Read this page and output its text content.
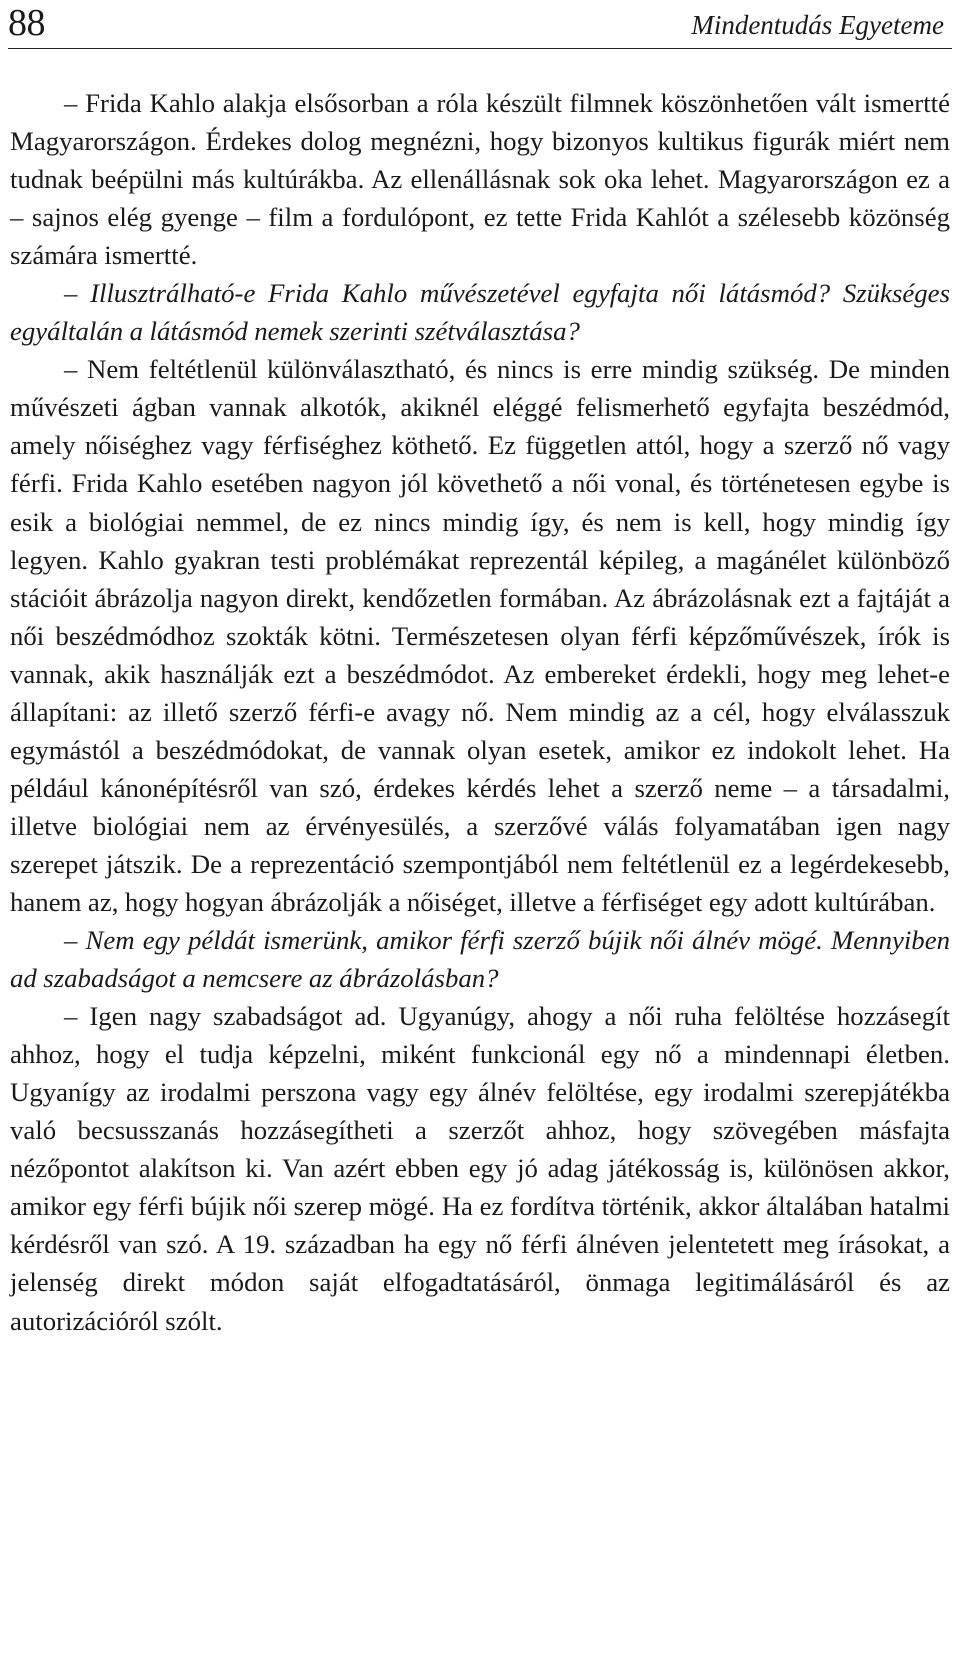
88	Mindentudás Egyeteme

– Frida Kahlo alakja elsősorban a róla készült filmnek köszönhetően vált ismertté Magyarországon. Érdekes dolog megnézni, hogy bizonyos kultikus figurák miért nem tudnak beépülni más kultúrákba. Az ellenállásnak sok oka lehet. Magyarországon ez a – sajnos elég gyenge – film a fordulópont, ez tette Frida Kahlót a szélesebb közönség számára ismertté.

– Illusztrálható-e Frida Kahlo művészetével egyfajta női látásmód? Szükséges egyáltalán a látásmód nemek szerinti szétválasztása?

– Nem feltétlenül különválasztható, és nincs is erre mindig szükség. De minden művészeti ágban vannak alkotók, akiknél eléggé felismerhető egyfajta beszédmód, amely nőiséghez vagy férfiséghez köthető. Ez független attól, hogy a szerző nő vagy férfi. Frida Kahlo esetében nagyon jól követhető a női vonal, és történetesen egybe is esik a biológiai nemmel, de ez nincs mindig így, és nem is kell, hogy mindig így legyen. Kahlo gyakran testi problémákat reprezentál képileg, a magánélet különböző stációit ábrázolja nagyon direkt, kendőzetlen formában. Az ábrázolásnak ezt a fajtáját a női beszédmódhoz szokták kötni. Természetesen olyan férfi képzőművészek, írók is vannak, akik használják ezt a beszédmódot. Az embereket érdekli, hogy meg lehet-e állapítani: az illető szerző férfi-e avagy nő. Nem mindig az a cél, hogy elválasszuk egymástól a beszédmódokat, de vannak olyan esetek, amikor ez indokolt lehet. Ha például kánonépítésről van szó, érdekes kérdés lehet a szerző neme – a társadalmi, illetve biológiai nem az érvényesülés, a szerzővé válás folyamatában igen nagy szerepet játszik. De a reprezentáció szempontjából nem feltétlenül ez a legérdekesebb, hanem az, hogy hogyan ábrázolják a nőiséget, illetve a férfiséget egy adott kultúrában.

– Nem egy példát ismerünk, amikor férfi szerző bújik női álnév mögé. Mennyiben ad szabadságot a nemcsere az ábrázolásban?

– Igen nagy szabadságot ad. Ugyanúgy, ahogy a női ruha felöltése hozzásegít ahhoz, hogy el tudja képzelni, miként funkcionál egy nő a mindennapi életben. Ugyanígy az irodalmi perszona vagy egy álnév felöltése, egy irodalmi szerepjátékba való becsusszanás hozzásegítheti a szerzőt ahhoz, hogy szövegében másfajta nézőpontot alakítson ki. Van azért ebben egy jó adag játékosság is, különösen akkor, amikor egy férfi bújik női szerep mögé. Ha ez fordítva történik, akkor általában hatalmi kérdésről van szó. A 19. században ha egy nő férfi álnéven jelentetett meg írásokat, a jelenség direkt módon saját elfogadtatásáról, önmaga legitimálásáról és az autorizációról szólt.
